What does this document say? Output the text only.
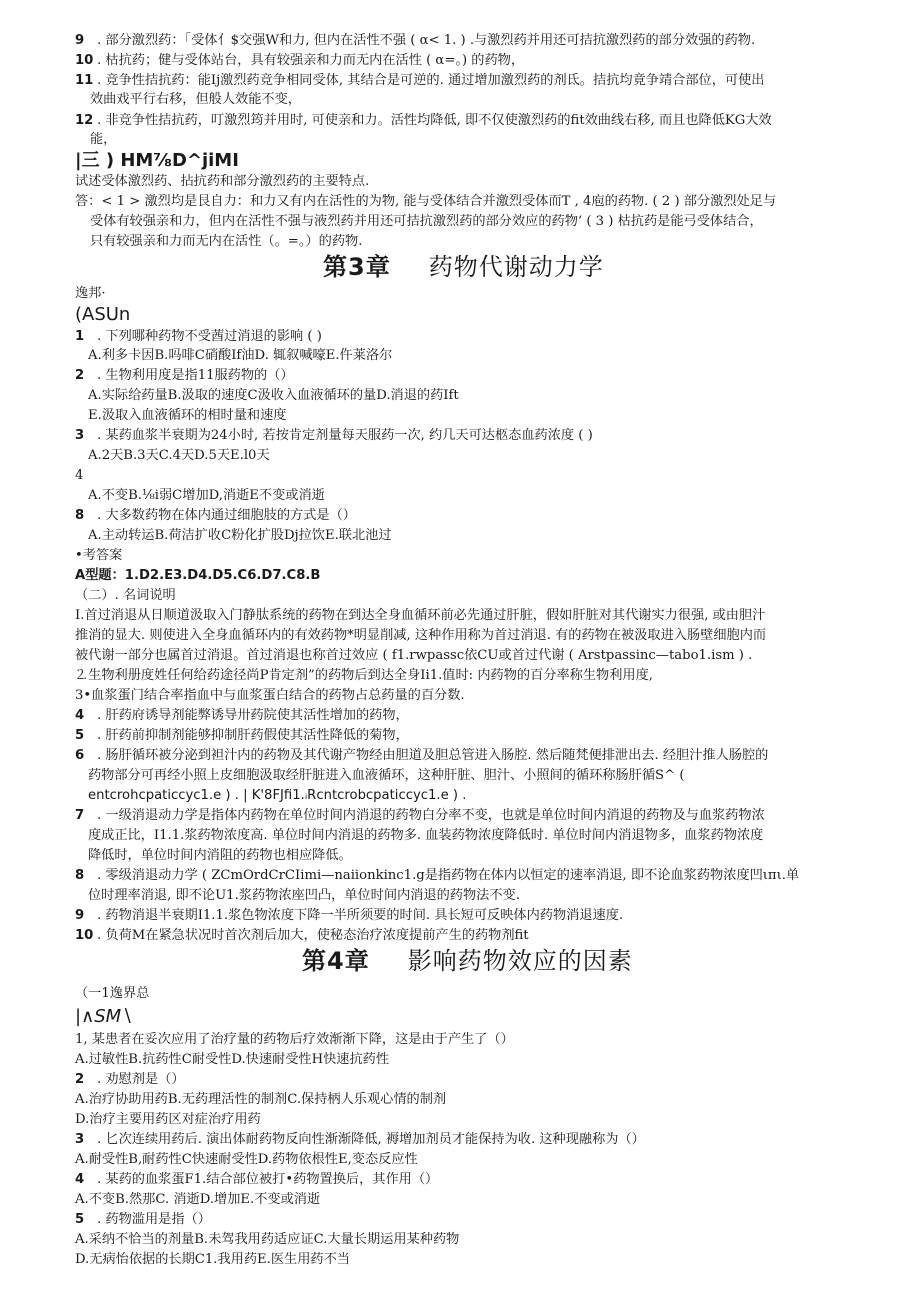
9 . 部分激烈药：「受体亻$交强W和力, 但内在活性不强 ( α< 1. ) .与激烈药并用还可拮抗激烈药的部分效强的药物.
10 . 枯抗药；健与受体站台，具有较强亲和力而无内在活性 ( α=。) 的药物，
11 . 竞争性拮抗药：能Ij激烈药竞争相同受体, 其结合是可逆的. 通过增加激烈药的剂氐。拮抗均竟争靖合部位，可使出
效曲戏平行右移，但般人效能不变，
12 . 非竞争性拮抗药，叮激烈筠并用时, 可使亲和力。活性均降低, 即不仅使激烈药的fit效曲线右移, 而且也降低KG大效
能，
|三 ) HM⅞D^jiMI
试述受体激烈药、拈抗药和部分激烈药的主要特点.
答：< 1 > 激烈均是艮自力：和力又有内在活性的为物, 能与受体结合并激烈受体而T , 4庖的药物. ( 2 ) 部分激烈处足与
受体有较强亲和力，但内在活性不强与液烈药并用还可拮抗激烈药的部分效应的药物‘ ( 3 ) 枯抗药是能弓受体结合，
只有较强亲和力而无内在活性（。=。）的药物.
第3章 药物代谢动力学
逸邦·
(ASUn
1 . 下列哪种药物不受莤过消退的影响 ( )
A.利多卡因B.吗啡C硝酸If油D. 辄叙喊嚎E.仵莱洛尔
2 . 生物利用度是指11服药物的（）
A.实际给药量B.汲取的速度C汲收入血液循环的量D.消退的药Ift
E.汲取入血液循环的相时量和速度
3 . 某药血浆半衰期为24小时, 若按肯定剂量每天服药一次, 约几天可达柩态血药浓度 ( )
A.2天B.3天C.4天D.5天E.l0天
4
A.不变B.⅛i弱C增加D,消逝E不变或消逝
8 . 大多数药物在体内通过细胞肢的方式是（）
A.主动转运B.荷洁扩收C粉化扩股Dj拉饮E.联北池过
•考答案
A型题：1.D2.E3.D4.D5.C6.D7.C8.B
（二）. 名词说明
I.首过消退从日顺道汲取入门静肽系统的药物在到达全身血循环前必先通过肝脏，假如肝脏对其代谢实力很强, 或由胆汁
推消的显大. 则使进入全身血循环内的有效药物*明显削减, 这种作用称为首过消退. 有的药物在被汲取进入肠壁细胞内而
被代谢一部分也属首过消退。首过消退也称首过效应 ( f1.rwpassc依CU或首过代谢 ( Arstpassinc—tabo1.ism ) .
⒉生物利册度姓任何给药途径尚P肯定剂”的药物后到达全身Ii1.值时: 内药物的百分率称生物利用度,
3•血浆蛋门结合率指血中与血浆蛋白结合的药物占总药量的百分数.
4 . 肝药府诱导剂能弊诱导卅药院使其活性增加的药物，
5 . 肝药前抑制剂能够抑制肝药假使其活性降低的菊物，
6 . 肠肝循环被分泌到袒汁内的药物及其代谢产物经由胆道及胆总管进入肠腔. 然后随梵便排泄出去. 经胆汁推人肠腔的
药物部分可再经小照上皮细胞汲取经肝脏进入血液循环，这种肝脏、胆汁、小照间的循环称肠肝循S^ (
entcrohcpaticcyc1.e ) . | K'8FJfi1.ᵢRcntcrobcpaticcyc1.e ) .
7 . 一级消退动力学是指体内药物在单位时间内消退的药物白分率不变，也就是单位时间内消退的药物及与血浆药物浓
度成正比，I1.1.浆药物浓度高. 单位时间内消退的药物多. 血装药物浓度降低时. 单位时间内消退物多，血浆药物浓度
降低时，单位时间内消阻的药物也相应降低。
8 . 零级消退动力学 ( ZCmOrdCrCIimi—naiionkinc1.g是指药物在体内以恒定的速率消退, 即不论血浆药物浓度凹ιπι.单
位时理率消退, 即不论U1.浆药物浓座凹凸，单位时间内消退的药物法不变.
9 . 药物消退半衰期I1.1.浆色物浓度下降一半所须要的时间. 具长短可反映体内药物消退速度.
10 . 负荷M在紧急状况时首次剂后加大，使秘态治疗浓度提前产生的药物剂fit
第4章 影响药物效应的因素
（一1逸界总
|∧SM∖
1, 某患者在妥次应用了治疗量的药物后疗效渐渐下降，这是由于产生了（）
A.过敏性B.抗药性C耐受性D.快速耐受性H快速抗药性
2 . 劝慰剂是（）
A.治疗协助用药B.无药理活性的制剂C.保持柄人乐观心情的制剂
D.治疗主要用药区对症治疗用药
3 . 匕次连续用药后. 演出体耐药物反向性渐渐降低, 褥增加剂员才能保持为收. 这种现融称为（）
A.耐受性B,耐药性C快速耐受性D.药物依根性E,变态反应性
4 . 某药的血浆蛋F1.结合部位被打•药物置换后，其作用（）
A.不变B.然那C. 消逝D.增加E.不变或消逝
5 . 药物滥用是指（）
A.采纳不恰当的剂量B.未驾我用药适应证C.大量长期运用某种药物
D.无病怡依据的长期C1.我用药E.医生用药不当
